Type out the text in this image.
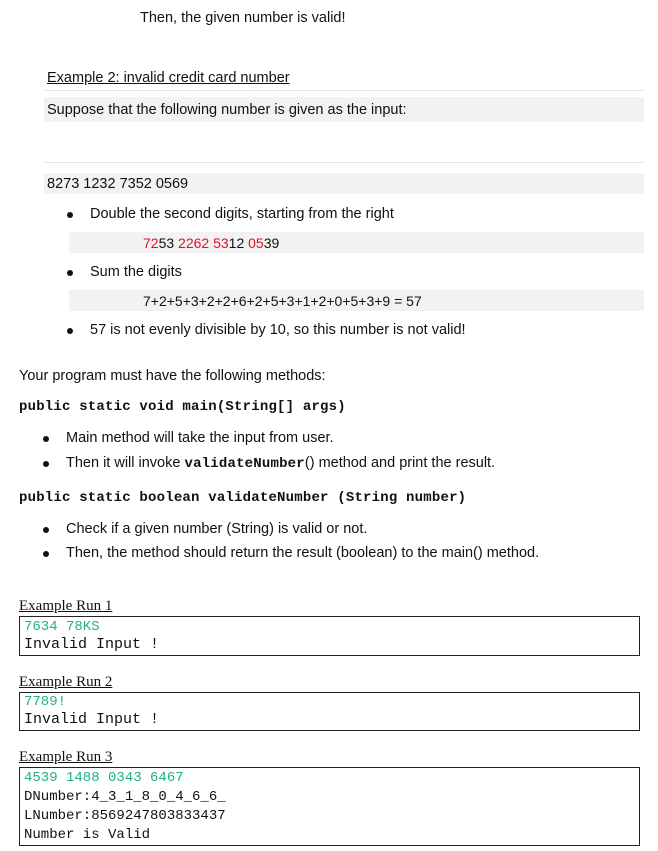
Then, the given number is valid!
Example 2: invalid credit card number
Suppose that the following number is given as the input:
8273 1232 7352 0569
Double the second digits, starting from the right
7253 2262 5312 0539
Sum the digits
7+2+5+3+2+2+6+2+5+3+1+2+0+5+3+9 = 57
57 is not evenly divisible by 10, so this number is not valid!
Your program must have the following methods:
public static void main(String[] args)
Main method will take the input from user.
Then it will invoke validateNumber() method and print the result.
public static boolean validateNumber (String number)
Check if a given number (String) is valid or not.
Then, the method should return the result (boolean) to the main() method.
Example Run 1
7634 78KS
Invalid Input !
Example Run 2
7789!
Invalid Input !
Example Run 3
4539 1488 0343 6467
DNumber:4_3_1_8_0_4_6_6_
LNumber:8569247803833437
Number is Valid
